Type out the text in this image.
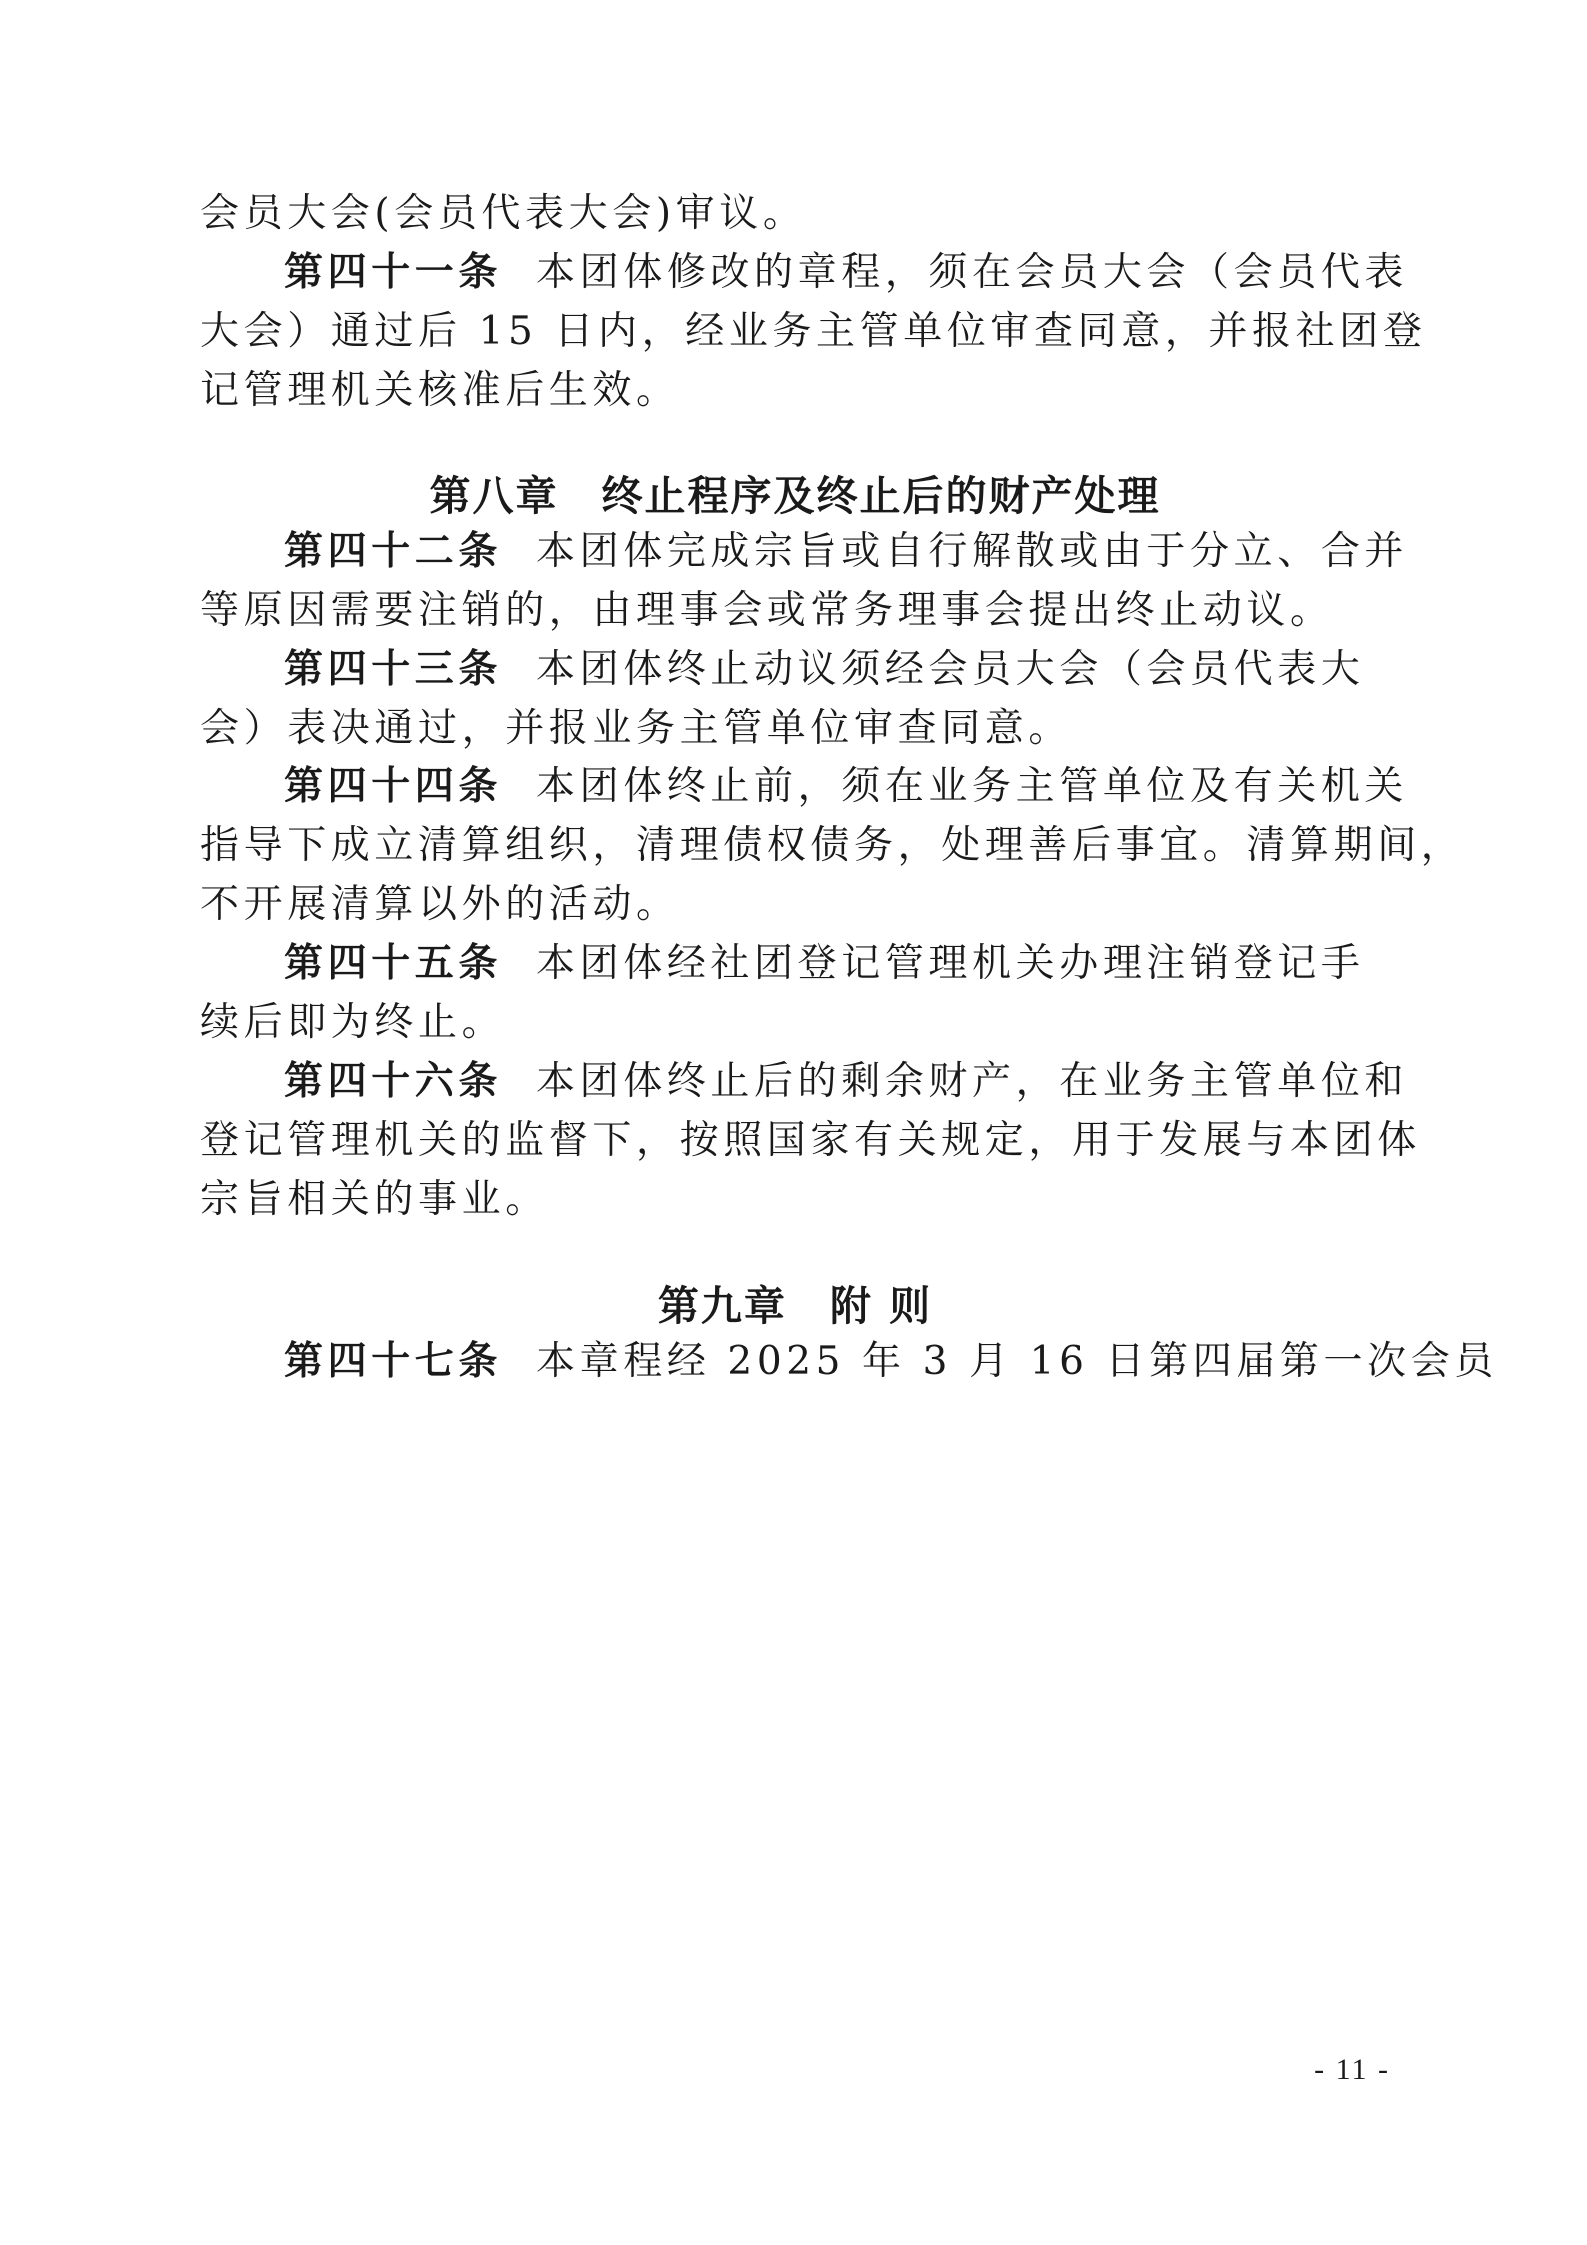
会员大会(会员代表大会)审议。
第四十一条 本团体修改的章程，须在会员大会（会员代表
大会）通过后 15 日内，经业务主管单位审查同意，并报社团登
记管理机关核准后生效。
第八章　终止程序及终止后的财产处理
第四十二条 本团体完成宗旨或自行解散或由于分立、合并
等原因需要注销的，由理事会或常务理事会提出终止动议。
第四十三条 本团体终止动议须经会员大会（会员代表大
会）表决通过，并报业务主管单位审查同意。
第四十四条 本团体终止前，须在业务主管单位及有关机关
指导下成立清算组织，清理债权债务，处理善后事宜。清算期间，
不开展清算以外的活动。
第四十五条 本团体经社团登记管理机关办理注销登记手
续后即为终止。
第四十六条 本团体终止后的剩余财产，在业务主管单位和
登记管理机关的监督下，按照国家有关规定，用于发展与本团体
宗旨相关的事业。
第九章　附 则
第四十七条 本章程经 2025 年 3 月 16 日第四届第一次会员
- 11 -
